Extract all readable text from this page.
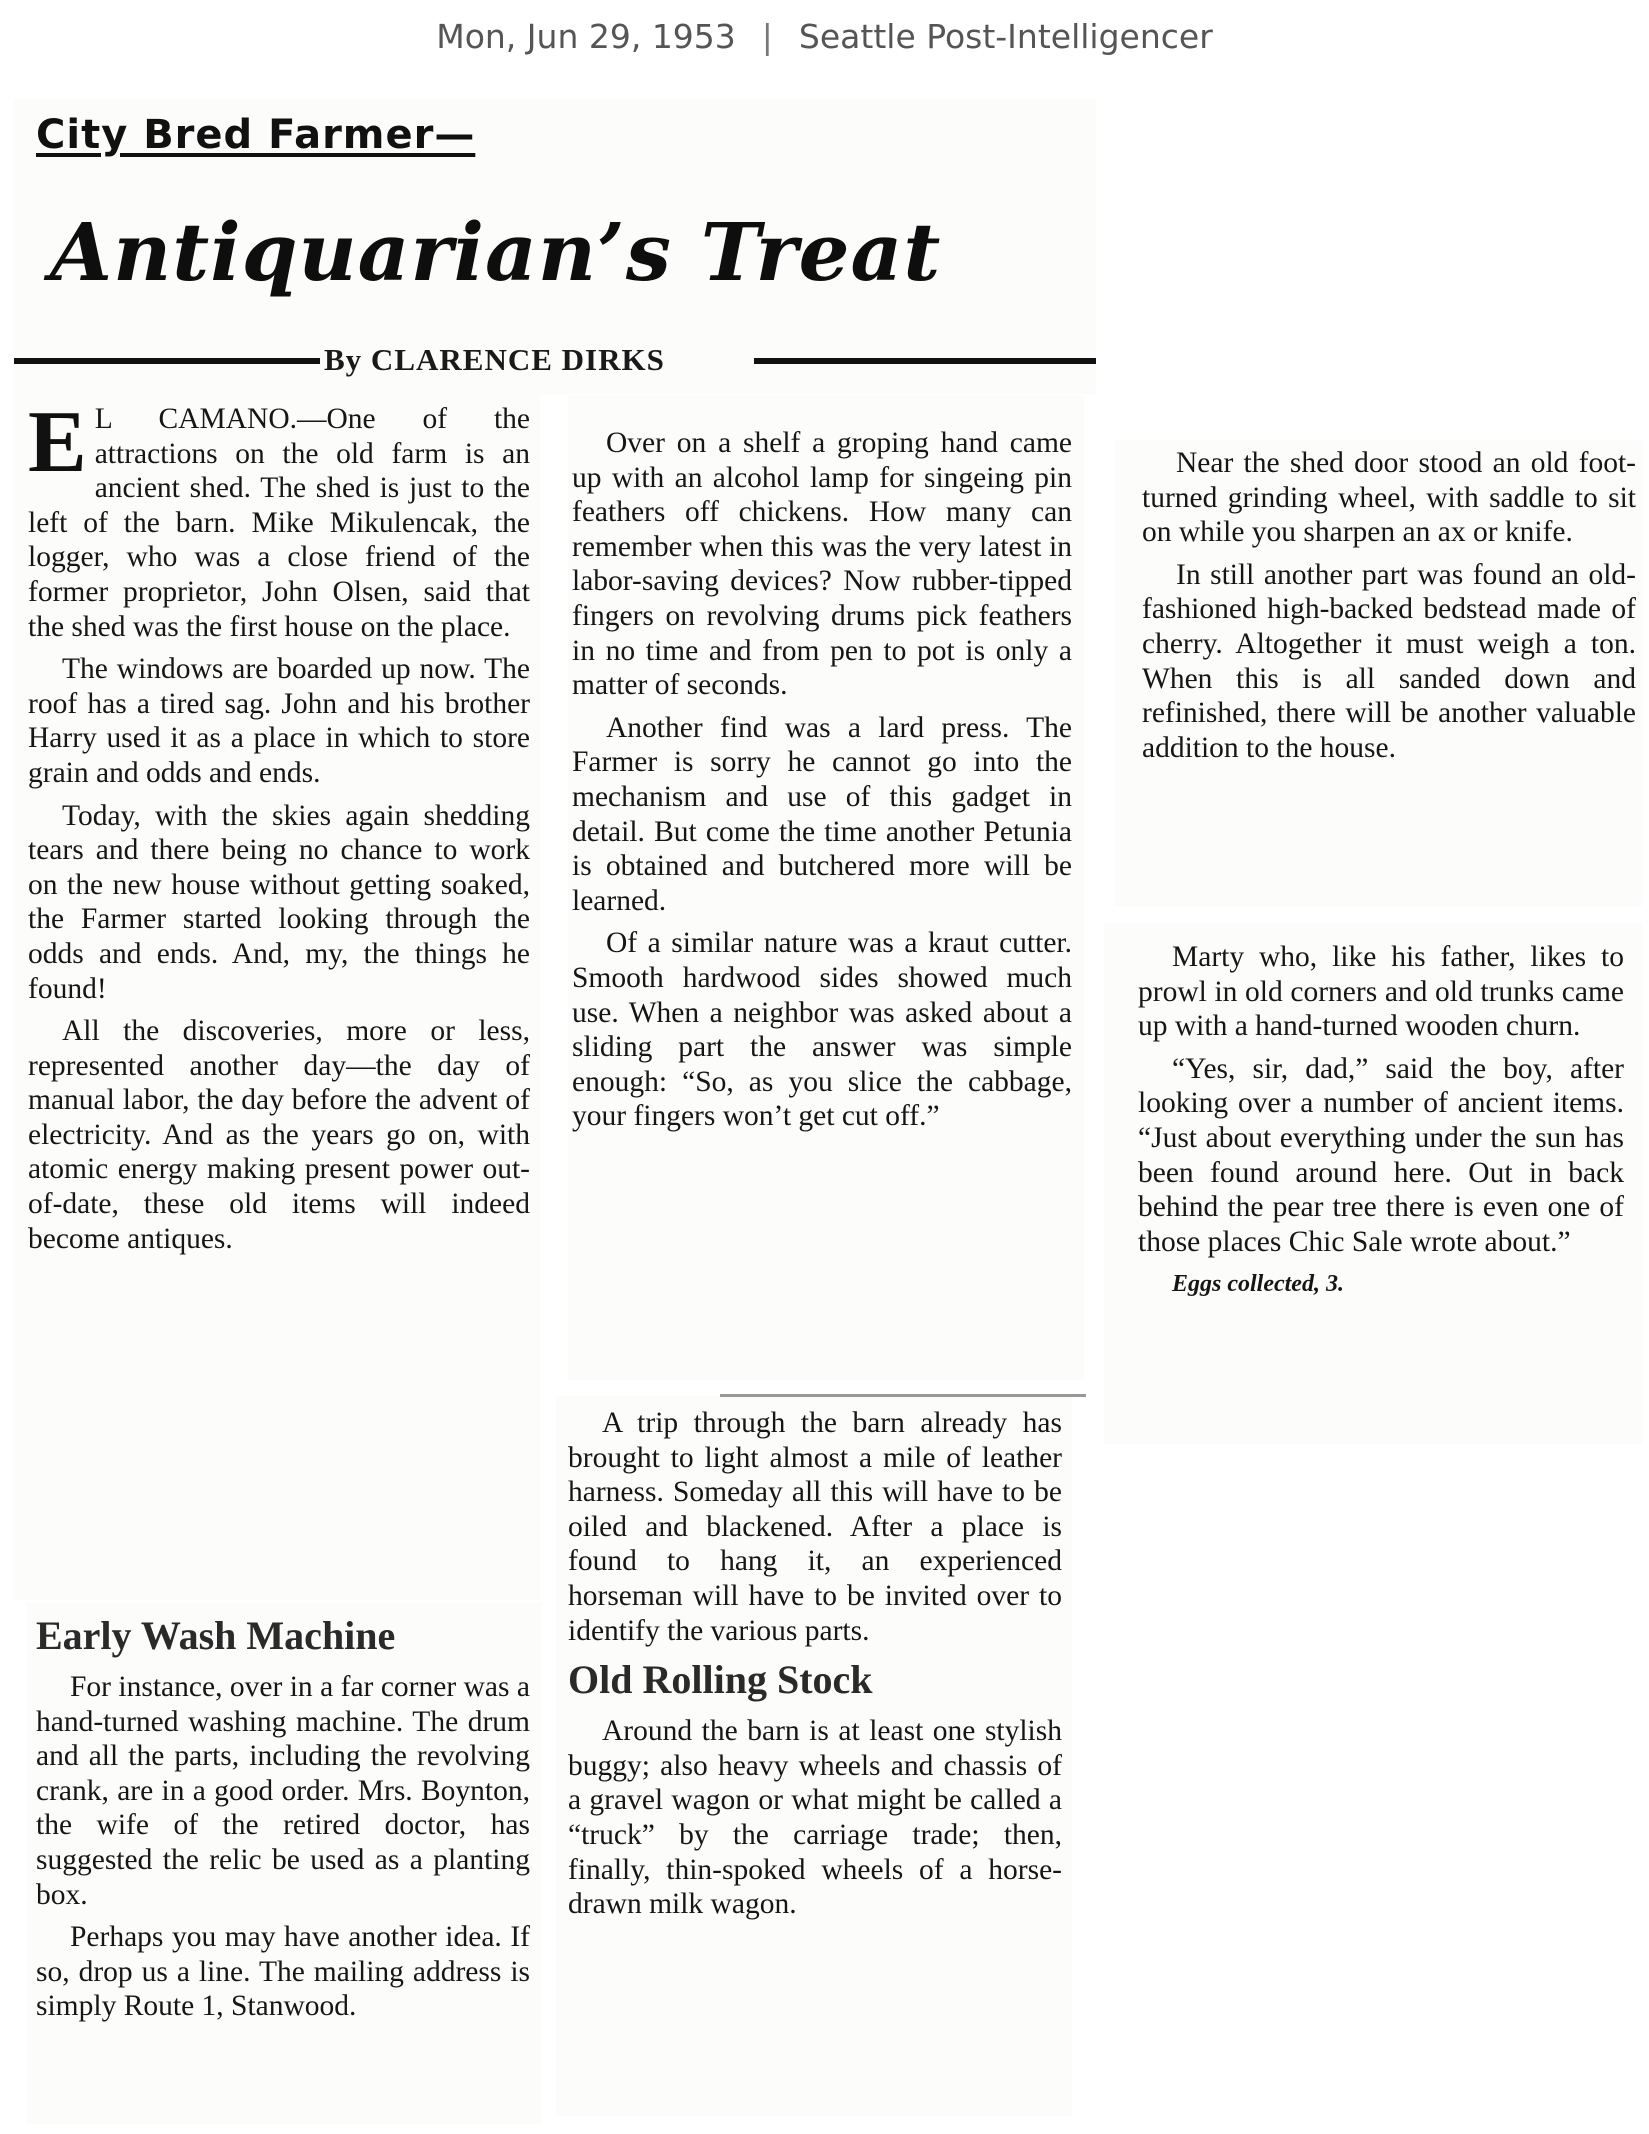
Mon, Jun 29, 1953 | Seattle Post-Intelligencer
City Bred Farmer—
Antiquarian’s Treat
By CLARENCE DIRKS

E L CAMANO.—One of the attractions on the old farm is an ancient shed. The shed is just to the left of the barn. Mike Mikulencak, the logger, who was a close friend of the former proprietor, John Olsen, said that the shed was the first house on the place.

The windows are boarded up now. The roof has a tired sag. John and his brother Harry used it as a place in which to store grain and odds and ends.

Today, with the skies again shedding tears and there being no chance to work on the new house without getting soaked, the Farmer started looking through the odds and ends. And, my, the things he found!

All the discoveries, more or less, represented another day—the day of manual labor, the day before the advent of electricity. And as the years go on, with atomic energy making present power out-of-date, these old items will indeed become antiques.

Early Wash Machine

For instance, over in a far corner was a hand-turned washing machine. The drum and all the parts, including the revolving crank, are in a good order. Mrs. Boynton, the wife of the retired doctor, has suggested the relic be used as a planting box.

Perhaps you may have another idea. If so, drop us a line. The mailing address is simply Route 1, Stanwood.

Over on a shelf a groping hand came up with an alcohol lamp for singeing pin feathers off chickens. How many can remember when this was the very latest in labor-saving devices? Now rubber-tipped fingers on revolving drums pick feathers in no time and from pen to pot is only a matter of seconds.

Another find was a lard press. The Farmer is sorry he cannot go into the mechanism and use of this gadget in detail. But come the time another Petunia is obtained and butchered more will be learned.

Of a similar nature was a kraut cutter. Smooth hardwood sides showed much use. When a neighbor was asked about a sliding part the answer was simple enough: “So, as you slice the cabbage, your fingers won’t get cut off.”

A trip through the barn already has brought to light almost a mile of leather harness. Someday all this will have to be oiled and blackened. After a place is found to hang it, an experienced horseman will have to be invited over to identify the various parts.

Old Rolling Stock

Around the barn is at least one stylish buggy; also heavy wheels and chassis of a gravel wagon or what might be called a “truck” by the carriage trade; then, finally, thin-spoked wheels of a horse-drawn milk wagon.

Near the shed door stood an old foot-turned grinding wheel, with saddle to sit on while you sharpen an ax or knife.

In still another part was found an old-fashioned high-backed bedstead made of cherry. Altogether it must weigh a ton. When this is all sanded down and refinished, there will be another valuable addition to the house.

Marty who, like his father, likes to prowl in old corners and old trunks came up with a hand-turned wooden churn.

“Yes, sir, dad,” said the boy, after looking over a number of ancient items. “Just about everything under the sun has been found around here. Out in back behind the pear tree there is even one of those places Chic Sale wrote about.”

Eggs collected, 3.
